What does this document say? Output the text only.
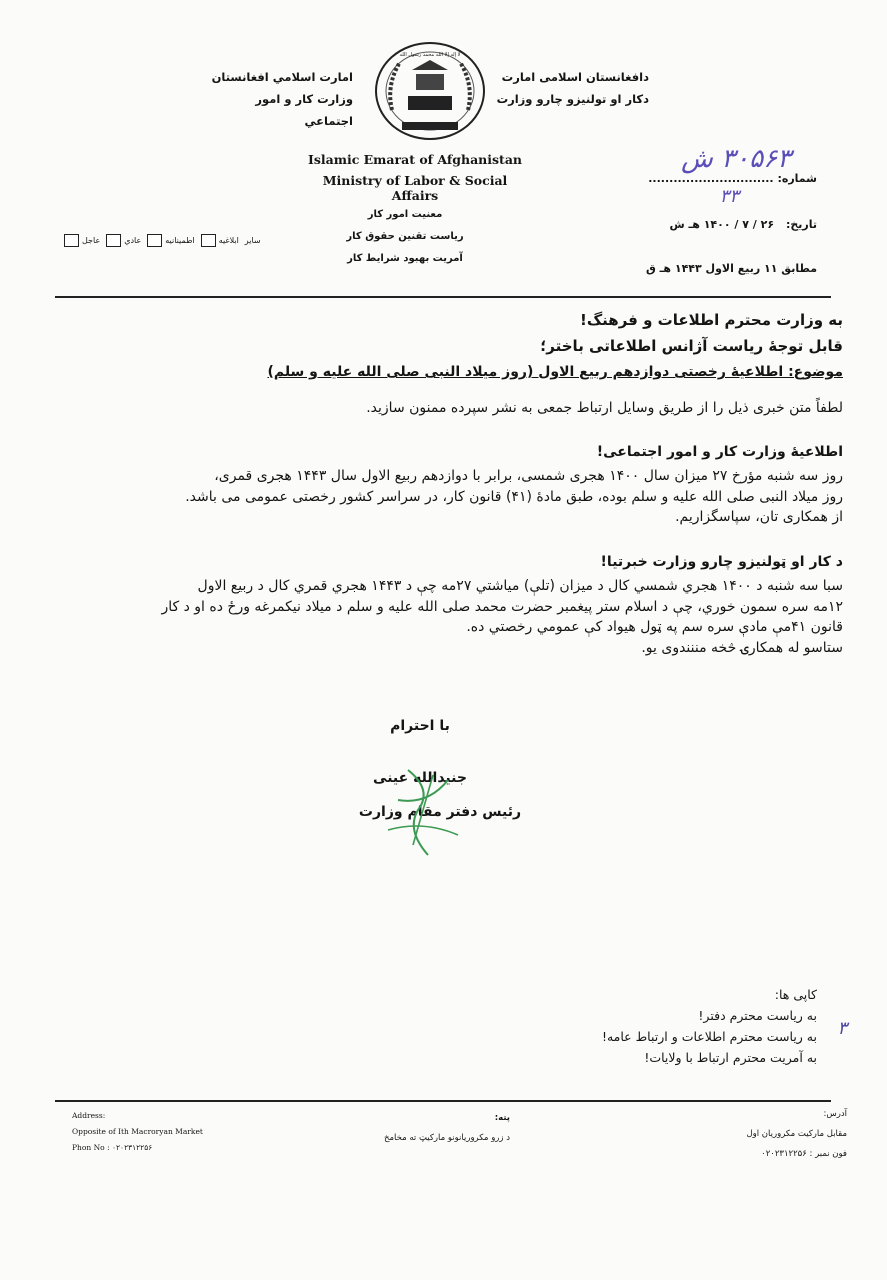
دافغانستان اسلامی امارت
دکار او تولنیزو چارو وزارت
امارت اسلامي افغانستان
وزارت کار و امور اجتماعي
لا إله إلا الله محمد رسول الله
Islamic Emarat of Afghanistan
Ministry of Labor & Social Affairs
معنيت امور کار
رياست تقنين حقوق کار
آمريت بهبود شرايط کار
شماره: ..............................
۳۰۵۶۳ ش
۳۳
تاریخ: ۲۶ / ۷ / ۱۴۰۰ هـ ش
مطابق ۱۱ ربیع الاول ۱۴۴۳ هـ ق
عاجل	عادي	اطمينانيه	ابلاغيه ساير
به وزارت محترم اطلاعات و فرهنگ!
قابل توجهٔ ریاست آژانس اطلاعاتی باختر؛
موضوع: اطلاعیهٔ رخصتی دوازدهم ربیع الاول (روز میلاد النبی صلی الله علیه و سلم)
لطفاً متن خبری ذیل را از طریق وسایل ارتباط جمعی به نشر سپرده ممنون سازید.
اطلاعیهٔ وزارت کار و امور اجتماعی!
روز سه شنبه مؤرخ ۲۷ میزان سال ۱۴۰۰ هجری شمسی، برابر با دوازدهم ربیع الاول سال ۱۴۴۳ هجری قمری،
روز میلاد النبی صلی الله علیه و سلم بوده، طبق مادهٔ (۴۱) قانون کار، در سراسر کشور رخصتی عمومی می باشد.
از همکاری تان، سپاسگزاریم.
د کار او ټولنیزو چارو وزارت خبرتیا!
سبا سه شنبه د ۱۴۰۰ هجري شمسي کال د میزان (تلې) میاشتي ۲۷مه چې د ۱۴۴۳ هجري قمري کال د ربیع الاول
۱۲مه سره سمون خوري، چې د اسلام ستر پیغمبر حضرت محمد صلی الله علیه و سلم د میلاد نیکمرغه ورځ ده او د کار
قانون ۴۱مې مادې سره سم په ټول هیواد کې عمومي رخصتي ده.
ستاسو له همکارۍ څخه مننندوی یو.
با احترام
جنیدالله عینی
رئیس دفتر مقام وزارت
کاپی ها:
به ریاست محترم دفتر!
به ریاست محترم اطلاعات و ارتباط عامه!
به آمریت محترم ارتباط با ولایات!
۳
Address:
Opposite of Ith Macroryan Market
Phon No : ۰۲۰۲۳۱۲۲۵۶
پته:
د زرو مکروریانونو مارکیټ ته مخامخ
آدرس:
مقابل مارکیت مکروریان اول
فون نمبر : ۰۲۰۲۳۱۲۲۵۶
